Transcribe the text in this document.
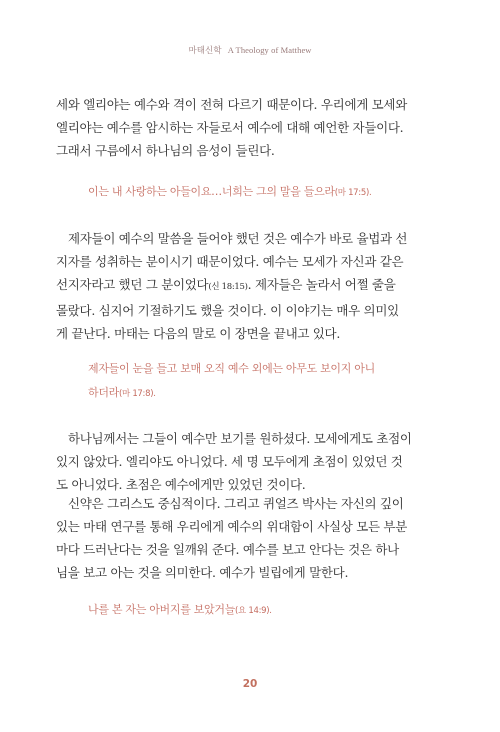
마태신학 A Theology of Matthew

세와 엘리야는 예수와 격이 전혀 다르기 때문이다. 우리에게 모세와
엘리야는 예수를 암시하는 자들로서 예수에 대해 예언한 자들이다.
그래서 구름에서 하나님의 음성이 들린다.

이는 내 사랑하는 아들이요…너희는 그의 말을 들으라(마 17:5).

제자들이 예수의 말씀을 들어야 했던 것은 예수가 바로 율법과 선
지자를 성취하는 분이시기 때문이었다. 예수는 모세가 자신과 같은
선지자라고 했던 그 분이었다(신 18:15). 제자들은 놀라서 어쩔 줄을
몰랐다. 심지어 기절하기도 했을 것이다. 이 이야기는 매우 의미있
게 끝난다. 마태는 다음의 말로 이 장면을 끝내고 있다.

제자들이 눈을 들고 보매 오직 예수 외에는 아무도 보이지 아니
하더라(마 17:8).

하나님께서는 그들이 예수만 보기를 원하셨다. 모세에게도 초점이
있지 않았다. 엘리야도 아니었다. 세 명 모두에게 초점이 있었던 것
도 아니었다. 초점은 예수에게만 있었던 것이다.

신약은 그리스도 중심적이다. 그리고 퀴얼즈 박사는 자신의 깊이
있는 마태 연구를 통해 우리에게 예수의 위대함이 사실상 모든 부분
마다 드러난다는 것을 일깨워 준다. 예수를 보고 안다는 것은 하나
님을 보고 아는 것을 의미한다. 예수가 빌립에게 말한다.

나를 본 자는 아버지를 보았거늘(요 14:9).
20
